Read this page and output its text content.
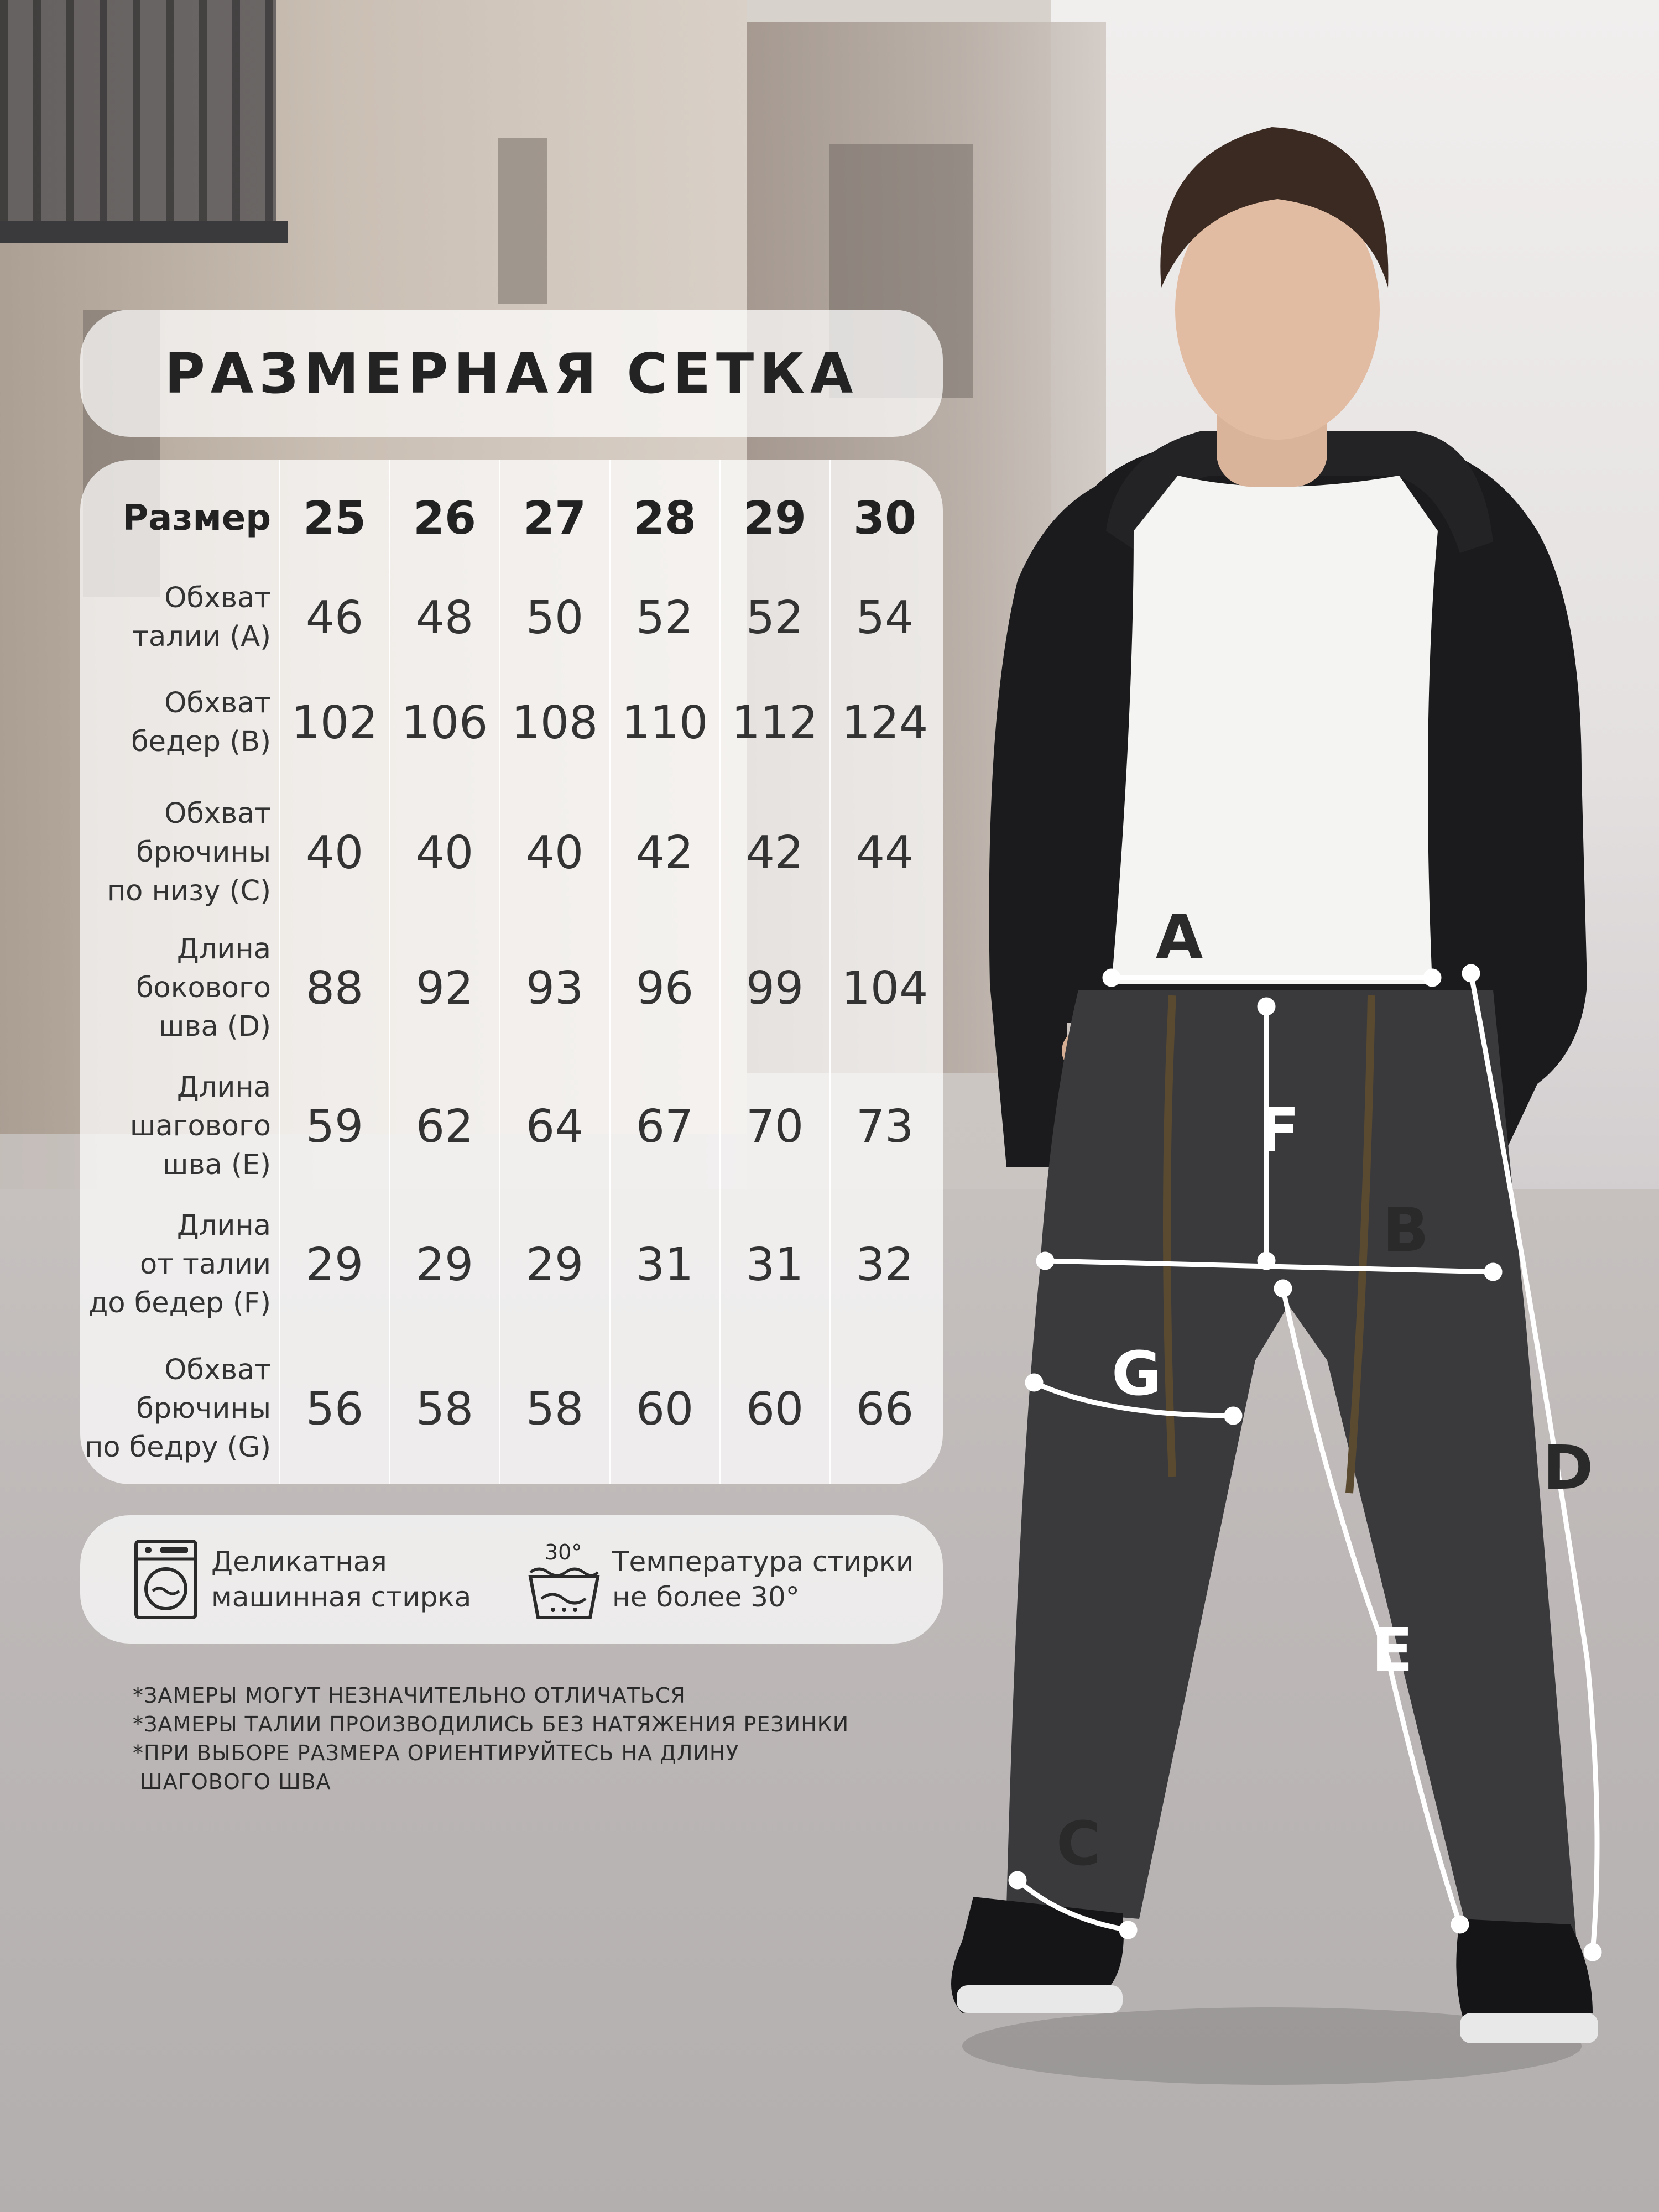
A
B
C
D
E
F
G
РАЗМЕРНАЯ СЕТКА
Размер	25	26	27	28	29	30

Обхват
талии (A)	46	48	50	52	52	54

Обхват
бедер (B)	102	106	108	110	112	124

Обхват
брючины
по низу (C)	40	40	40	42	42	44

Длина
бокового
шва (D)	88	92	93	96	99	104

Длина
шагового
шва (E)	59	62	64	67	70	73

Длина
от талии
до бедер (F)	29	29	29	31	31	32

Обхват
брючины
по бедру (G)	56	58	58	60	60	66
Деликатная
машинная стирка
30° Температура стирки
не более 30°
*ЗАМЕРЫ МОГУТ НЕЗНАЧИТЕЛЬНО ОТЛИЧАТЬСЯ
*ЗАМЕРЫ ТАЛИИ ПРОИЗВОДИЛИСЬ БЕЗ НАТЯЖЕНИЯ РЕЗИНКИ
*ПРИ ВЫБОРЕ РАЗМЕРА ОРИЕНТИРУЙТЕСЬ НА ДЛИНУ
ШАГОВОГО ШВА
